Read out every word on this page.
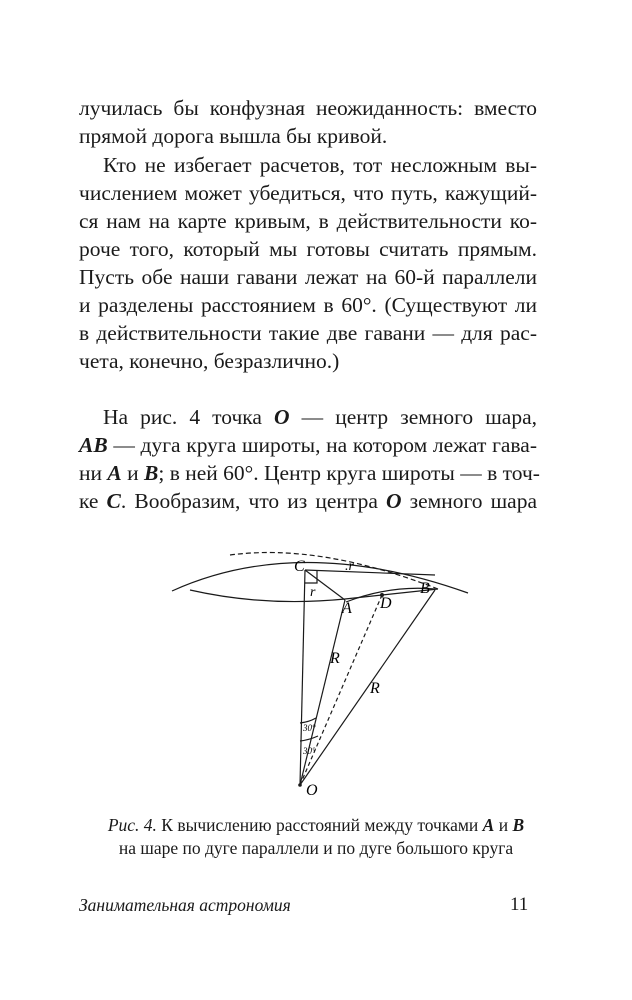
лучилась бы конфузная неожиданность: вместо
прямой дорога вышла бы кривой.
Кто не избегает расчетов, тот несложным вы-
числением может убедиться, что путь, кажущий-
ся нам на карте кривым, в действительности ко-
роче того, который мы готовы считать прямым.
Пусть обе наши гавани лежат на 60-й параллели
и разделены расстоянием в 60°. (Существуют ли
в действительности такие две гавани — для рас-
чета, конечно, безразлично.)
На рис. 4 точка O — центр земного шара,
AB — дуга круга широты, на котором лежат гава-
ни A и B; в ней 60°. Центр круга широты — в точ-
ке C. Вообразим, что из центра O земного шара
C	.r
r
A D
B
R
R
30°
30°
O
Рис. 4. К вычислению расстояний между точками A и B
на шаре по дуге параллели и по дуге большого круга
Занимательная астрономия	11
